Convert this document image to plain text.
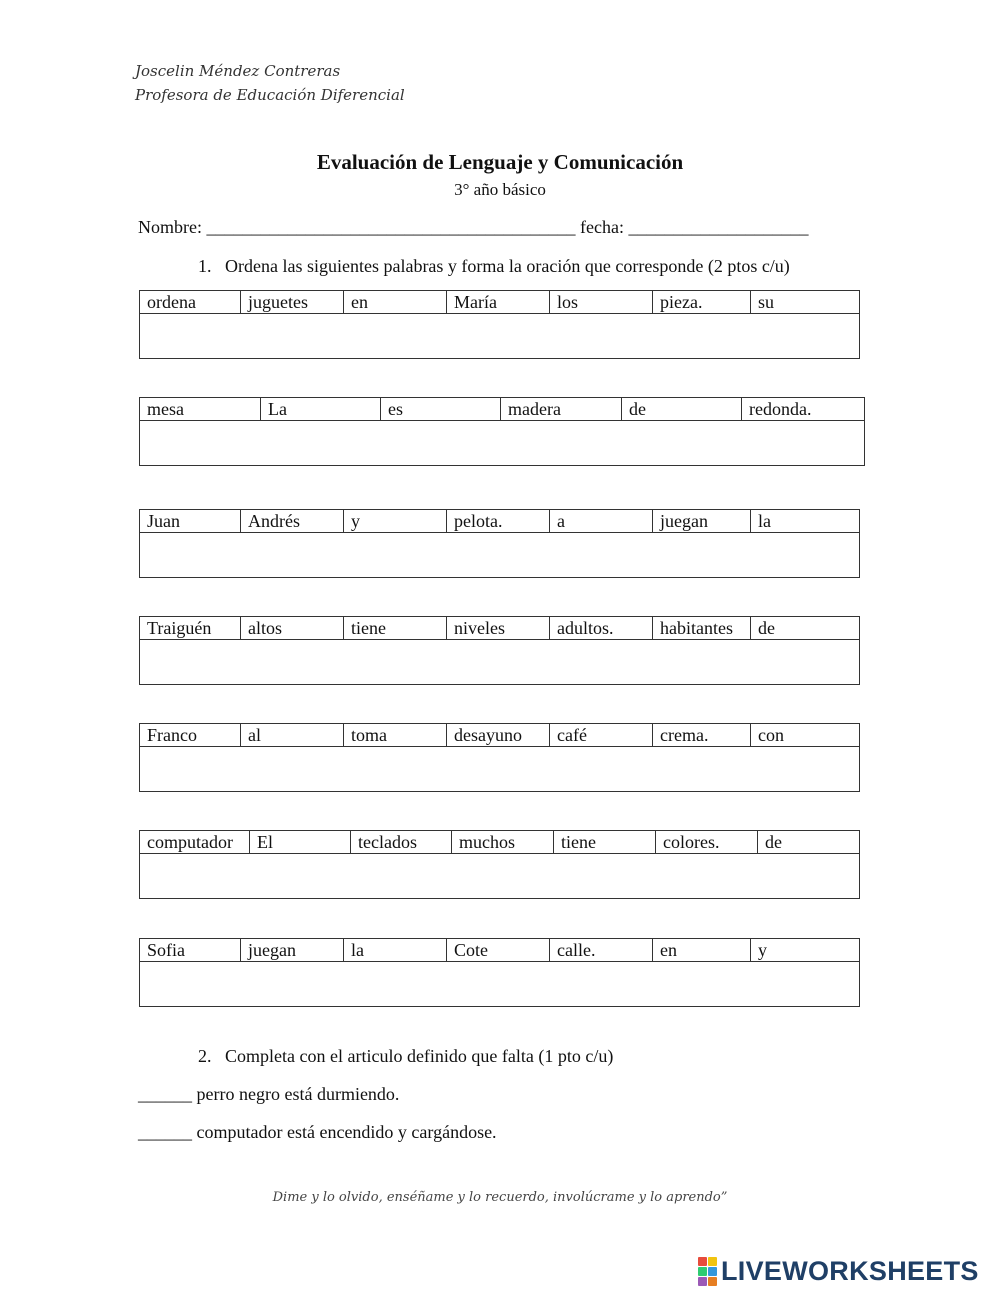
Joscelin Méndez Contreras
Profesora de Educación Diferencial
Evaluación de Lenguaje y Comunicación
3° año básico
Nombre: _________________________________________ fecha: ____________________
1. Ordena las siguientes palabras y forma la oración que corresponde (2 ptos c/u)
ordena	juguetes	en	María	los	pieza.	su

mesa	La	es	madera	de	redonda.

Juan	Andrés	y	pelota.	a	juegan	la

Traiguén	altos	tiene	niveles	adultos.	habitantes	de

Franco	al	toma	desayuno	café	crema.	con

computador	El	teclados	muchos	tiene	colores.	de

Sofia	juegan	la	Cote	calle.	en	y

2. Completa con el articulo definido que falta (1 pto c/u)
______ perro negro está durmiendo.
______ computador está encendido y cargándose.
Dime y lo olvido, enséñame y lo recuerdo, involúcrame y lo aprendo”
LIVEWORKSHEETS
